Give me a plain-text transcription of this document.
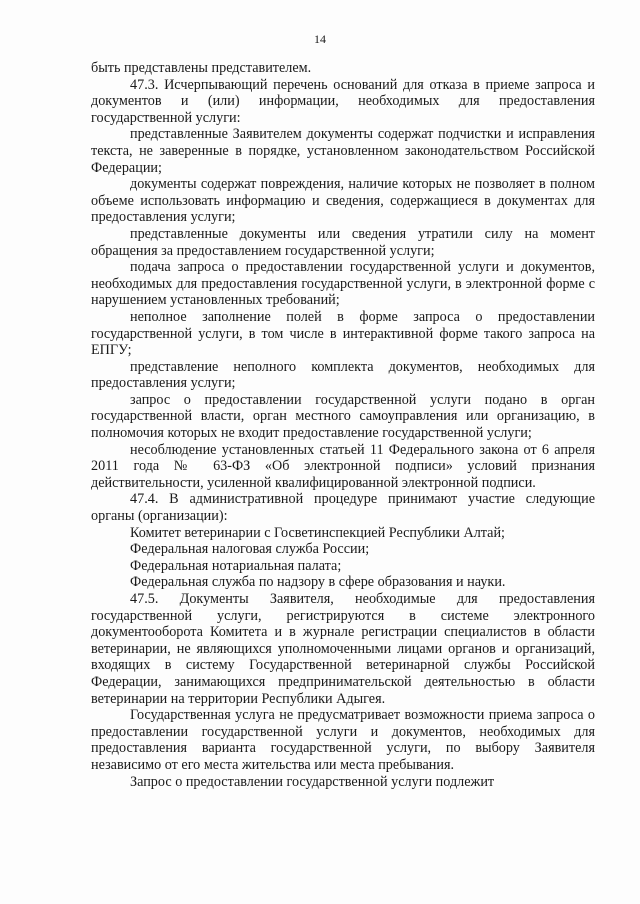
14

быть представлены представителем.

47.3. Исчерпывающий перечень оснований для отказа в приеме запроса и документов и (или) информации, необходимых для предоставления государственной услуги:

представленные Заявителем документы содержат подчистки и исправления текста, не заверенные в порядке, установленном законодательством Российской Федерации;

документы содержат повреждения, наличие которых не позволяет в полном объеме использовать информацию и сведения, содержащиеся в документах для предоставления услуги;

представленные документы или сведения утратили силу на момент обращения за предоставлением государственной услуги;

подача запроса о предоставлении государственной услуги и документов, необходимых для предоставления государственной услуги, в электронной форме с нарушением установленных требований;

неполное заполнение полей в форме запроса о предоставлении государственной услуги, в том числе в интерактивной форме такого запроса на ЕПГУ;

представление неполного комплекта документов, необходимых для предоставления услуги;

запрос о предоставлении государственной услуги подано в орган государственной власти, орган местного самоуправления или организацию, в полномочия которых не входит предоставление государственной услуги;

несоблюдение установленных статьей 11 Федерального закона от 6 апреля 2011 года № 63-ФЗ «Об электронной подписи» условий признания действительности, усиленной квалифицированной электронной подписи.

47.4. В административной процедуре принимают участие следующие органы (организации):

Комитет ветеринарии с Госветинспекцией Республики Алтай;

Федеральная налоговая служба России;

Федеральная нотариальная палата;

Федеральная служба по надзору в сфере образования и науки.

47.5. Документы Заявителя, необходимые для предоставления государственной услуги, регистрируются в системе электронного документооборота Комитета и в журнале регистрации специалистов в области ветеринарии, не являющихся уполномоченными лицами органов и организаций, входящих в систему Государственной ветеринарной службы Российской Федерации, занимающихся предпринимательской деятельностью в области ветеринарии на территории Республики Адыгея.

Государственная услуга не предусматривает возможности приема запроса о предоставлении государственной услуги и документов, необходимых для предоставления варианта государственной услуги, по выбору Заявителя независимо от его места жительства или места пребывания.

Запрос о предоставлении государственной услуги подлежит
